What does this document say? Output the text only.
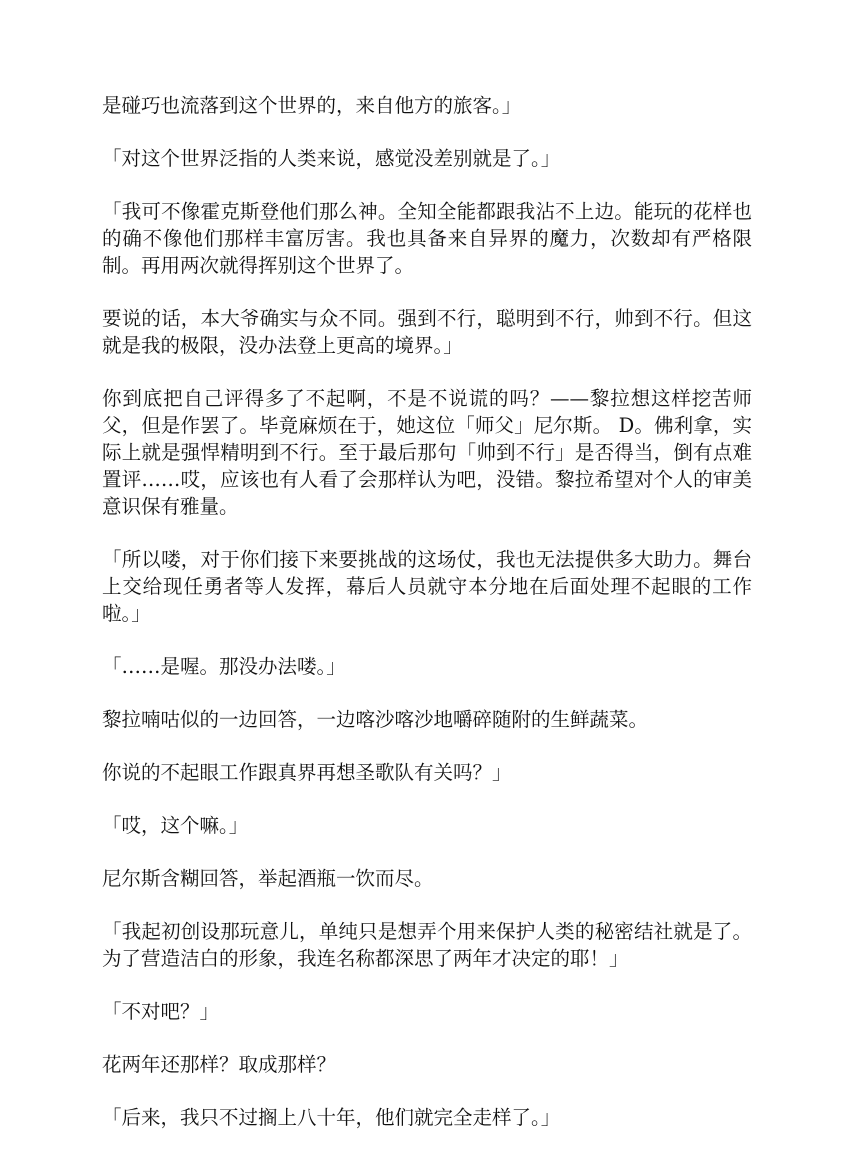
是碰巧也流落到这个世界的，来自他方的旅客。」

「对这个世界泛指的人类来说，感觉没差别就是了。」

「我可不像霍克斯登他们那么神。全知全能都跟我沾不上边。能玩的花样也的确不像他们那样丰富厉害。我也具备来自异界的魔力，次数却有严格限制。再用两次就得挥别这个世界了。

要说的话，本大爷确实与众不同。强到不行，聪明到不行，帅到不行。但这就是我的极限，没办法登上更高的境界。」

你到底把自己评得多了不起啊，不是不说谎的吗？——黎拉想这样挖苦师父，但是作罢了。毕竟麻烦在于，她这位「师父」尼尔斯。 D。佛利拿，实际上就是强悍精明到不行。至于最后那句「帅到不行」是否得当，倒有点难置评……哎，应该也有人看了会那样认为吧，没错。黎拉希望对个人的审美意识保有雅量。

「所以喽，对于你们接下来要挑战的这场仗，我也无法提供多大助力。舞台上交给现任勇者等人发挥，幕后人员就守本分地在后面处理不起眼的工作啦。」

「……是喔。那没办法喽。」

黎拉喃咕似的一边回答，一边喀沙喀沙地嚼碎随附的生鲜蔬菜。

你说的不起眼工作跟真界再想圣歌队有关吗？」

「哎，这个嘛。」

尼尔斯含糊回答，举起酒瓶一饮而尽。

「我起初创设那玩意儿，单纯只是想弄个用来保护人类的秘密结社就是了。为了营造洁白的形象，我连名称都深思了两年才决定的耶！」

「不对吧？」

花两年还那样？取成那样？

「后来，我只不过搁上八十年，他们就完全走样了。」
